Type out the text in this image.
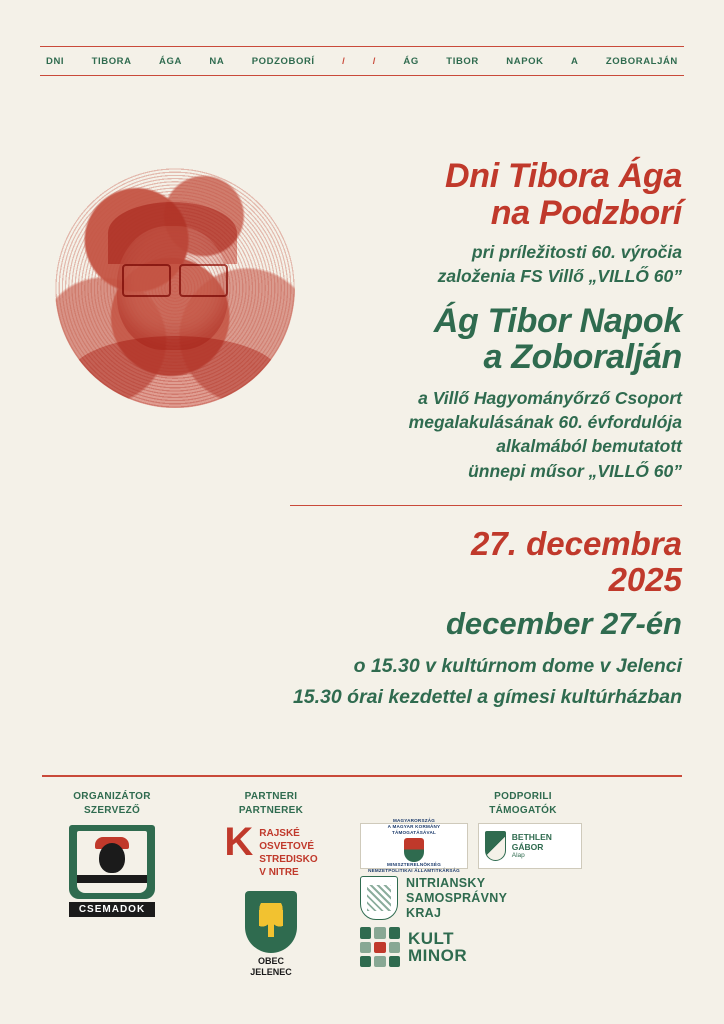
DNI	TIBORA	ÁGA	NA	PODZOBORÍ	/	/	ÁG	TIBOR	NAPOK	A	ZOBORALJÁN
Dni Tibora Ága
na Podzborí
pri príležitosti 60. výročia
založenia FS Villő „VILLŐ 60”
Ág Tibor Napok
a Zoboralján
a Villő Hagyományőrző Csoport
megalakulásának 60. évfordulója
alkalmából bemutatott
ünnepi műsor „VILLŐ 60”
27. decembra
2025
december 27-én
o 15.30 v kultúrnom dome v Jelenci
15.30 órai kezdettel a gímesi kultúrházban
ORGANIZÁTOR
SZERVEZŐ
CSEMADOK
PARTNERI
PARTNEREK
K RAJSKÉ
OSVETOVÉ
STREDISKO
V NITRE
OBEC
JELENEC
PODPORILI
TÁMOGATÓK
MAGYARORSZÁG
A MAGYAR KORMÁNY
TÁMOGATÁSÁVAL
MINISZTERELNÖKSÉG
NEMZETPOLITIKAI ÁLLAMTITKÁRSÁG
BETHLEN GÁBOR
Alap
NITRIANSKY
SAMOSPRÁVNY
KRAJ
KULT
MINOR
